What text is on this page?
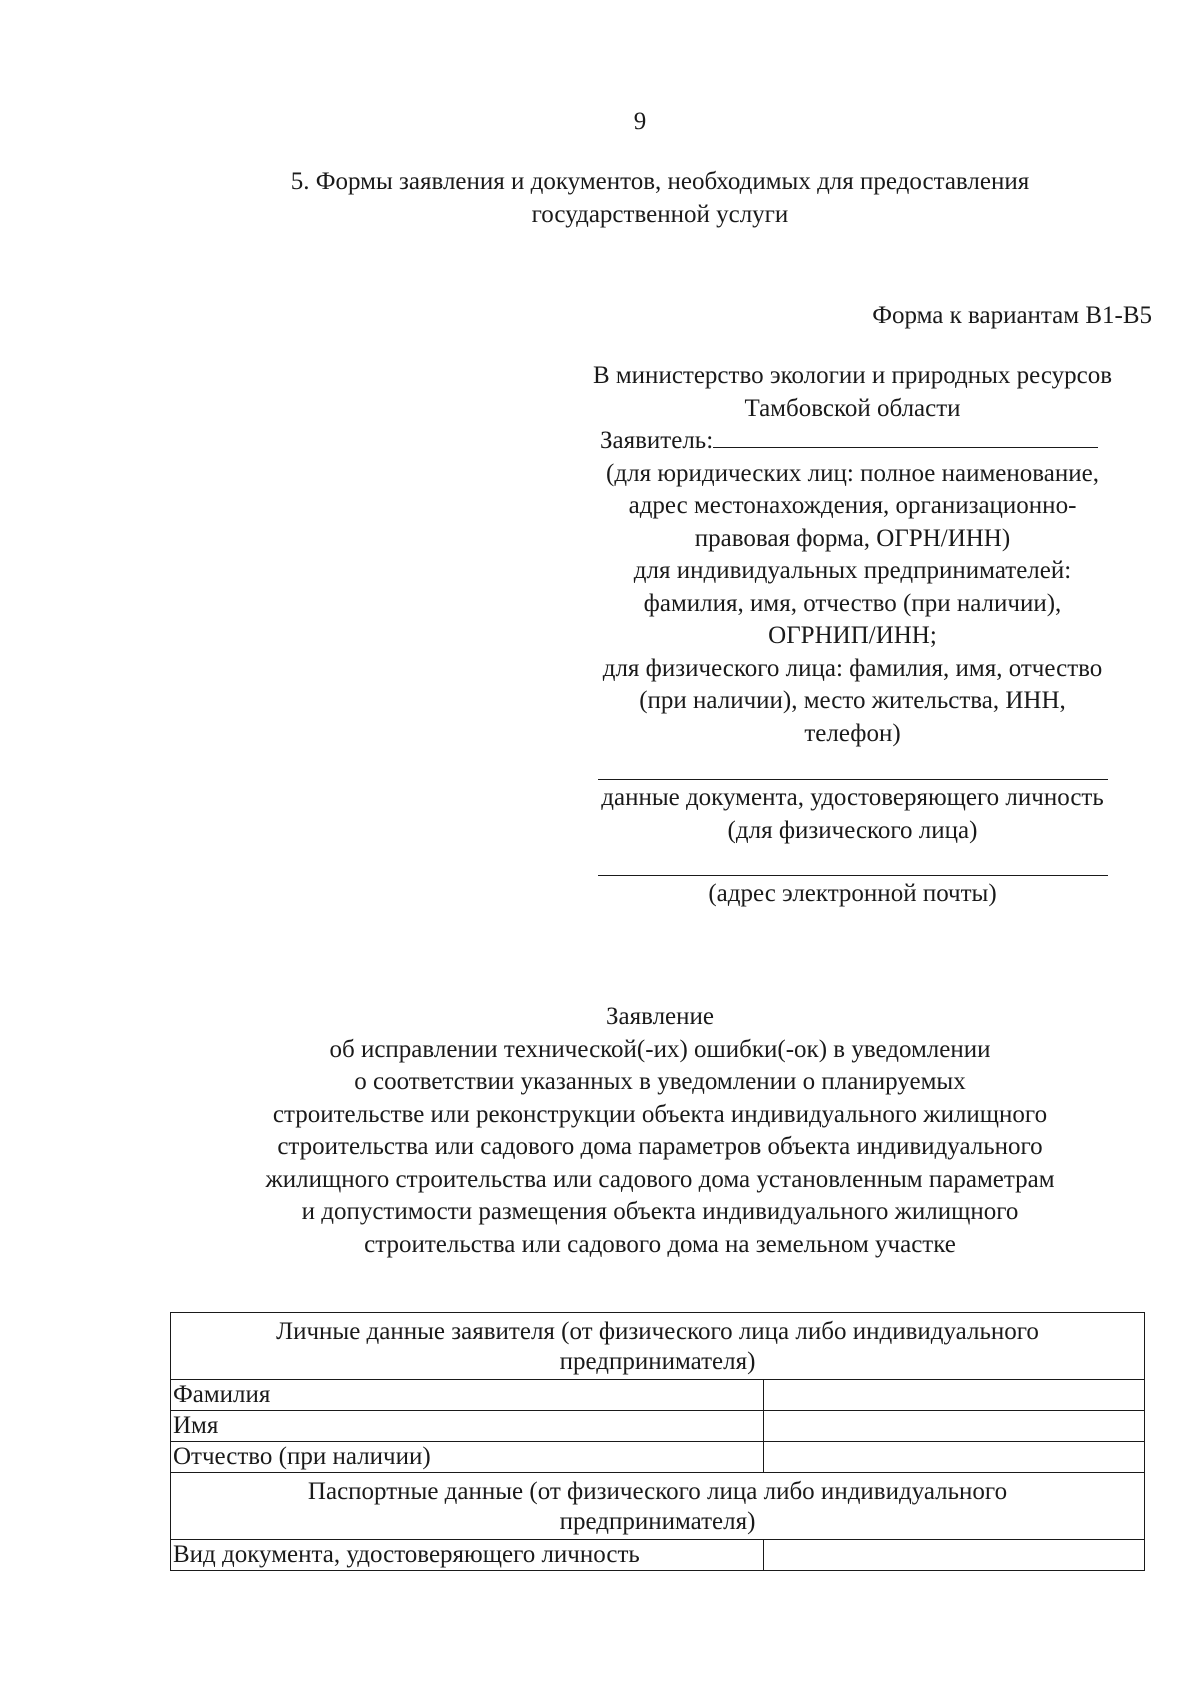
9
5. Формы заявления и документов, необходимых для предоставления
государственной услуги
Форма к вариантам В1-В5
В министерство экологии и природных ресурсов
Тамбовской области
Заявитель:
(для юридических лиц: полное наименование,
адрес местонахождения, организационно-
правовая форма, ОГРН/ИНН)
для индивидуальных предпринимателей:
фамилия, имя, отчество (при наличии),
ОГРНИП/ИНН;
для физического лица: фамилия, имя, отчество
(при наличии), место жительства, ИНН,
телефон)
данные документа, удостоверяющего личность
(для физического лица)
(адрес электронной почты)
Заявление
об исправлении технической(-их) ошибки(-ок) в уведомлении
о соответствии указанных в уведомлении о планируемых
строительстве или реконструкции объекта индивидуального жилищного
строительства или садового дома параметров объекта индивидуального
жилищного строительства или садового дома установленным параметрам
и допустимости размещения объекта индивидуального жилищного
строительства или садового дома на земельном участке
Личные данные заявителя (от физического лица либо индивидуального
предпринимателя)	

Фамилия	
Имя	
Отчество (при наличии)	

Паспортные данные (от физического лица либо индивидуального
предпринимателя)	

Вид документа, удостоверяющего личность	
